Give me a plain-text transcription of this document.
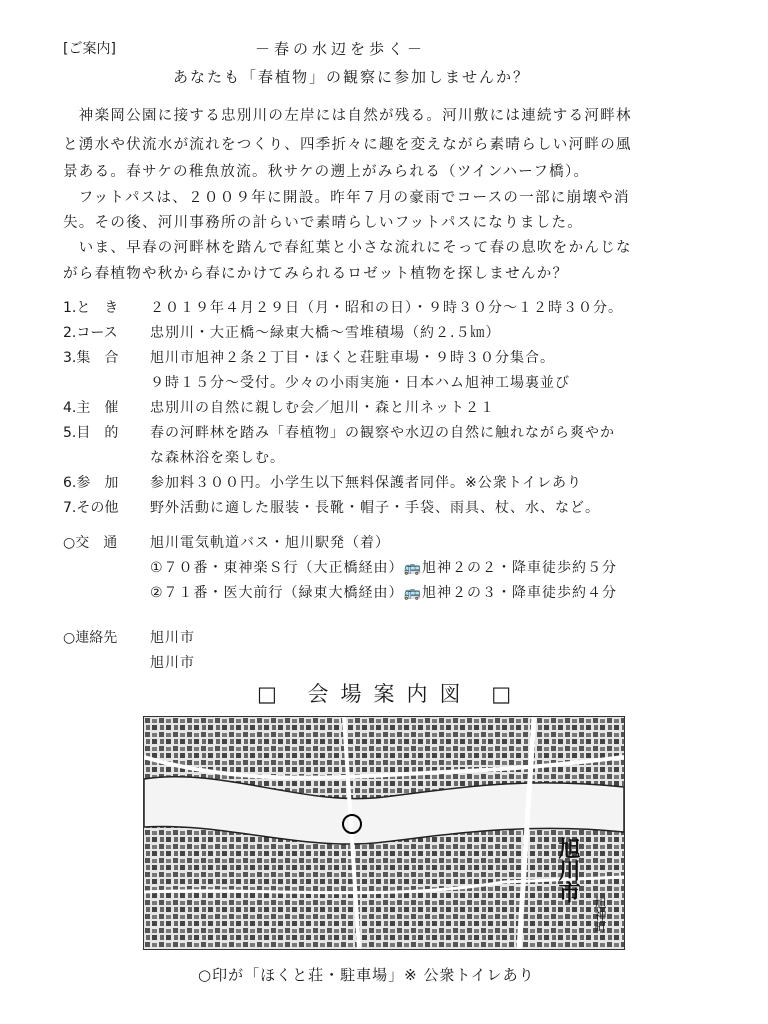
[ご案内]	－春の水辺を歩く－
あなたも「春植物」の観察に参加しませんか？
　神楽岡公園に接する忠別川の左岸には自然が残る。河川敷には連続する河畔林
と湧水や伏流水が流れをつくり、四季折々に趣を変えながら素晴らしい河畔の風
景ある。春サケの稚魚放流。秋サケの遡上がみられる（ツインハーフ橋）。
　フットパスは、２００９年に開設。昨年７月の豪雨でコースの一部に崩壊や消
失。その後、河川事務所の計らいで素晴らしいフットパスになりました。
　いま、早春の河畔林を踏んで春紅葉と小さな流れにそって春の息吹をかんじな
がら春植物や秋から春にかけてみられるロゼット植物を探しませんか？
1.と　き ２０１９年４月２９日（月・昭和の日）・９時３０分～１２時３０分。
2.コース 忠別川・大正橋～緑東大橋～雪堆積場（約２.５㎞）
3.集　合 旭川市旭神２条２丁目・ほくと荘駐車場・９時３０分集合。
９時１５分～受付。少々の小雨実施・日本ハム旭神工場裏並び
4.主　催 忠別川の自然に親しむ会／旭川・森と川ネット２１
5.目　的 春の河畔林を踏み「春植物」の観察や水辺の自然に触れながら爽やか
な森林浴を楽しむ。
6.参　加 参加料３００円。小学生以下無料保護者同伴。※公衆トイレあり
7.その他 野外活動に適した服装・長靴・帽子・手袋、雨具、杖、水、など。
○交　通 旭川電気軌道バス・旭川駅発（着）
①７０番・東神楽Ｓ行（大正橋経由）🚌旭神２の２・降車徒歩約５分
②７１番・医大前行（緑東大橋経由）🚌旭神２の３・降車徒歩約４分
○連絡先 旭川市
旭川市
□ 会場案内図 □
旭川市
旭神町
○印が「ほくと荘・駐車場」※ 公衆トイレあり
